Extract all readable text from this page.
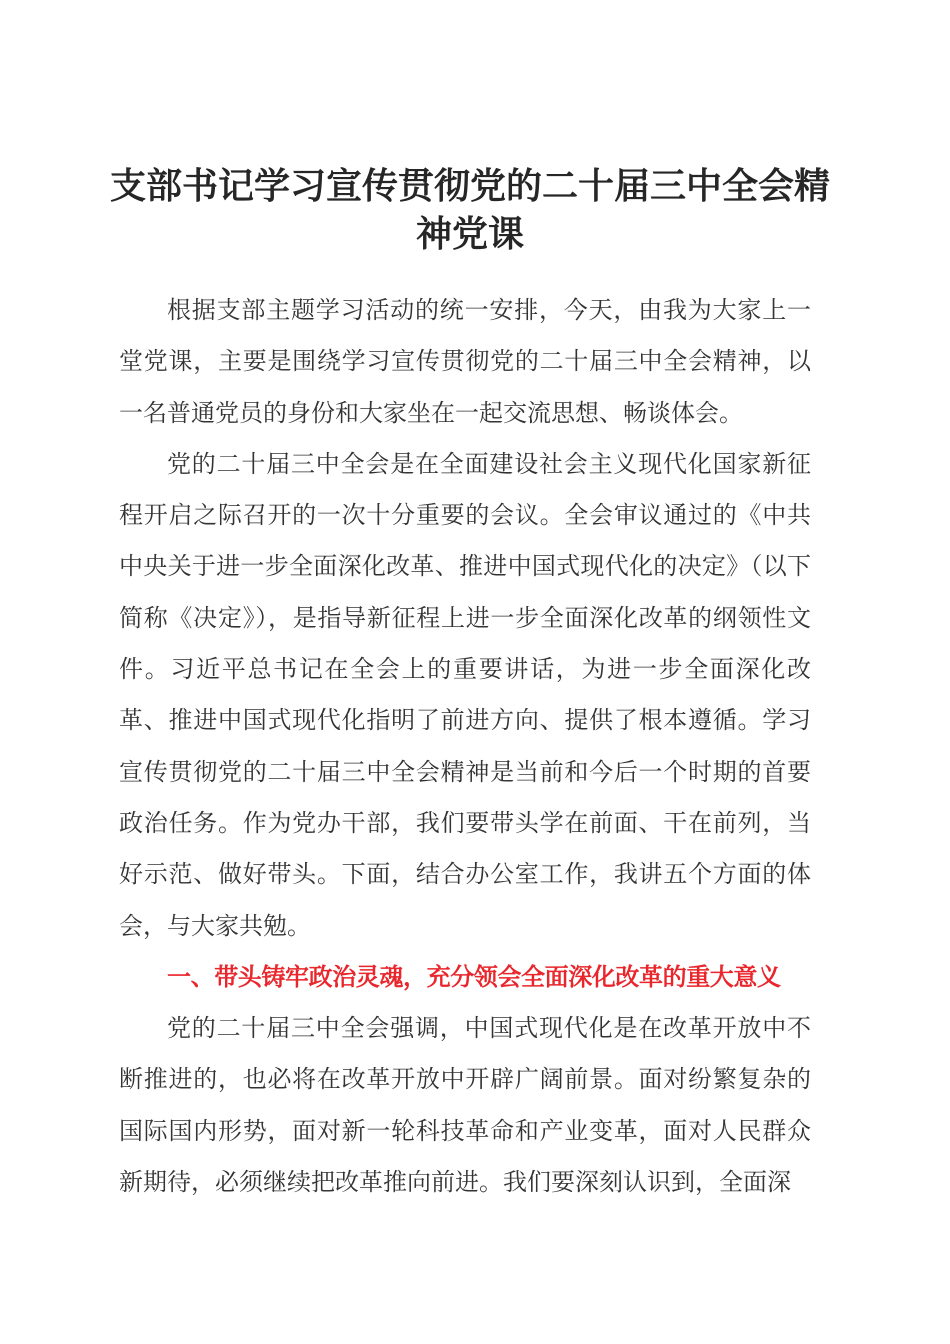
支部书记学习宣传贯彻党的二十届三中全会精神党课

根据支部主题学习活动的统一安排，今天，由我为大家上一堂党课，主要是围绕学习宣传贯彻党的二十届三中全会精神，以一名普通党员的身份和大家坐在一起交流思想、畅谈体会。

党的二十届三中全会是在全面建设社会主义现代化国家新征程开启之际召开的一次十分重要的会议。全会审议通过的《中共中央关于进一步全面深化改革、推进中国式现代化的决定》（以下简称《决定》），是指导新征程上进一步全面深化改革的纲领性文件。习近平总书记在全会上的重要讲话，为进一步全面深化改革、推进中国式现代化指明了前进方向、提供了根本遵循。学习宣传贯彻党的二十届三中全会精神是当前和今后一个时期的首要政治任务。作为党办干部，我们要带头学在前面、干在前列，当好示范、做好带头。下面，结合办公室工作，我讲五个方面的体会，与大家共勉。

一、带头铸牢政治灵魂，充分领会全面深化改革的重大意义

党的二十届三中全会强调，中国式现代化是在改革开放中不断推进的，也必将在改革开放中开辟广阔前景。面对纷繁复杂的国际国内形势，面对新一轮科技革命和产业变革，面对人民群众新期待，必须继续把改革推向前进。我们要深刻认识到，全面深
